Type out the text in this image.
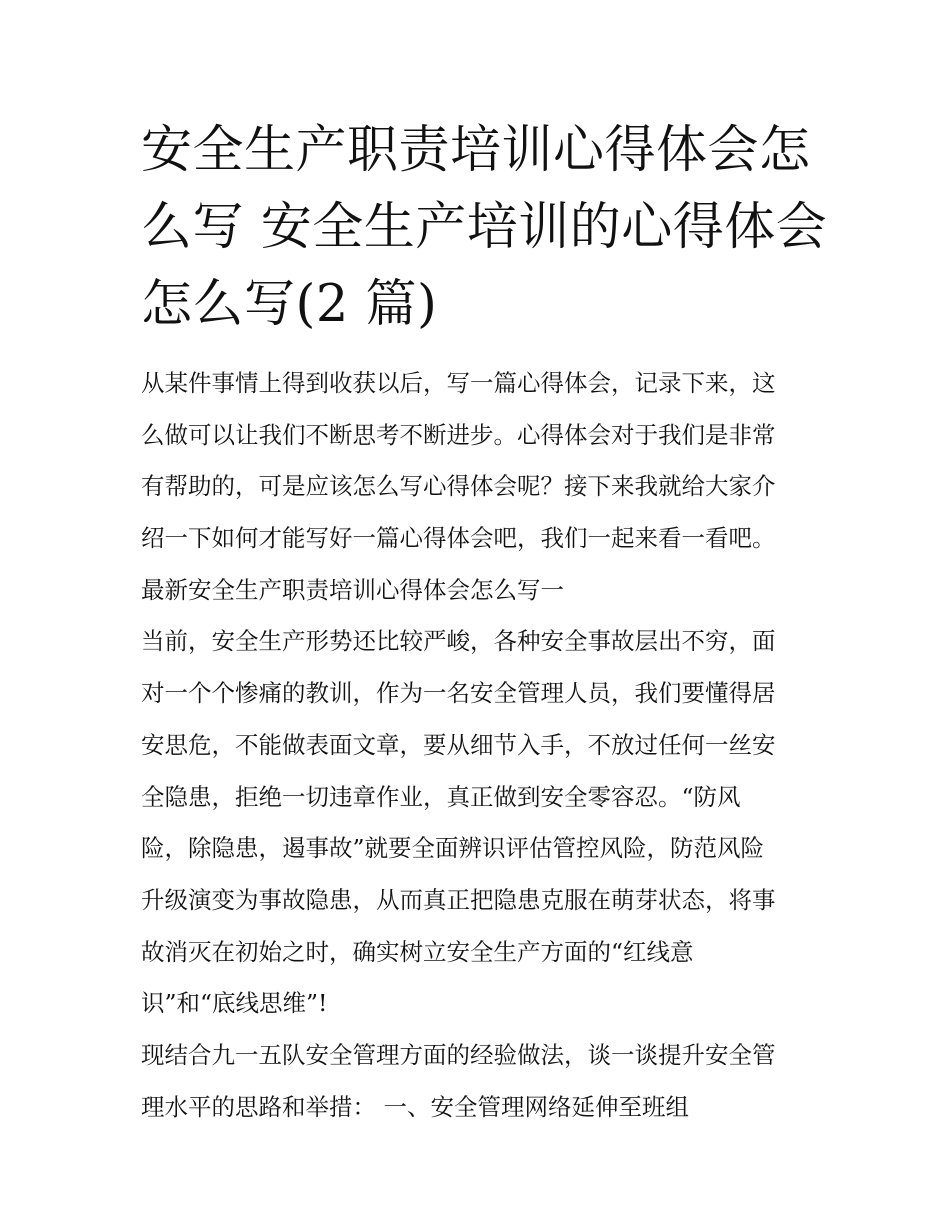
安全生产职责培训心得体会怎
么写 安全生产培训的心得体会
怎么写(2 篇)
从某件事情上得到收获以后，写一篇心得体会，记录下来，这
么做可以让我们不断思考不断进步。心得体会对于我们是非常
有帮助的，可是应该怎么写心得体会呢？接下来我就给大家介
绍一下如何才能写好一篇心得体会吧，我们一起来看一看吧。
最新安全生产职责培训心得体会怎么写一
当前，安全生产形势还比较严峻，各种安全事故层出不穷，面
对一个个惨痛的教训，作为一名安全管理人员，我们要懂得居
安思危，不能做表面文章，要从细节入手，不放过任何一丝安
全隐患，拒绝一切违章作业，真正做到安全零容忍。“防风
险，除隐患，遏事故”就要全面辨识评估管控风险，防范风险
升级演变为事故隐患，从而真正把隐患克服在萌芽状态，将事
故消灭在初始之时，确实树立安全生产方面的“红线意
识”和“底线思维”!
现结合九一五队安全管理方面的经验做法，谈一谈提升安全管
理水平的思路和举措： 一、安全管理网络延伸至班组
